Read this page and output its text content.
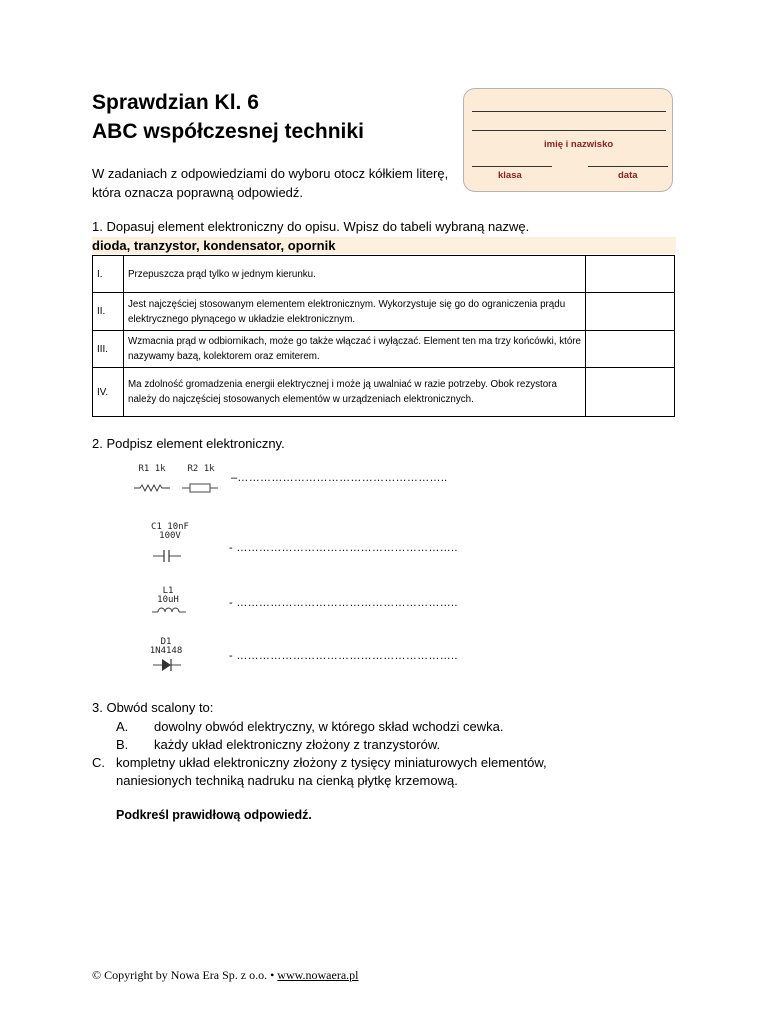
Sprawdzian Kl. 6
ABC współczesnej techniki
W zadaniach z odpowiedziami do wyboru otocz kółkiem literę, która oznacza poprawną odpowiedź.
imię i nazwisko
klasa	data
1. Dopasuj element elektroniczny do opisu. Wpisz do tabeli wybraną nazwę.
dioda, tranzystor, kondensator, opornik
I.	Przepuszcza prąd tylko w jednym kierunku.	
II.	Jest najczęściej stosowanym elementem elektronicznym. Wykorzystuje się go do ograniczenia prądu elektrycznego płynącego w układzie elektronicznym.	
III.	Wzmacnia prąd w odbiornikach, może go także włączać i wyłączać. Element ten ma trzy końcówki, które nazywamy bazą, kolektorem oraz emiterem.	
IV.	Ma zdolność gromadzenia energii elektrycznej i może ją uwalniać w razie potrzeby. Obok rezystora należy do najczęściej stosowanych elementów w urządzeniach elektronicznych.	
2. Podpisz element elektroniczny.
R1 1k	R2 1k
–………………………………………………..
C1 10nF 100V
- …………………………………………………..
L1 10uH	- …………………………………………………..
D1 1N4148	- …………………………………………………..
3. Obwód scalony to:
A. dowolny obwód elektryczny, w którego skład wchodzi cewka.
B. każdy układ elektroniczny złożony z tranzystorów.
C. kompletny układ elektroniczny złożony z tysięcy miniaturowych elementów, naniesionych techniką nadruku na cienką płytkę krzemową.
Podkreśl prawidłową odpowiedź.
© Copyright by Nowa Era Sp. z o.o. • www.nowaera.pl
